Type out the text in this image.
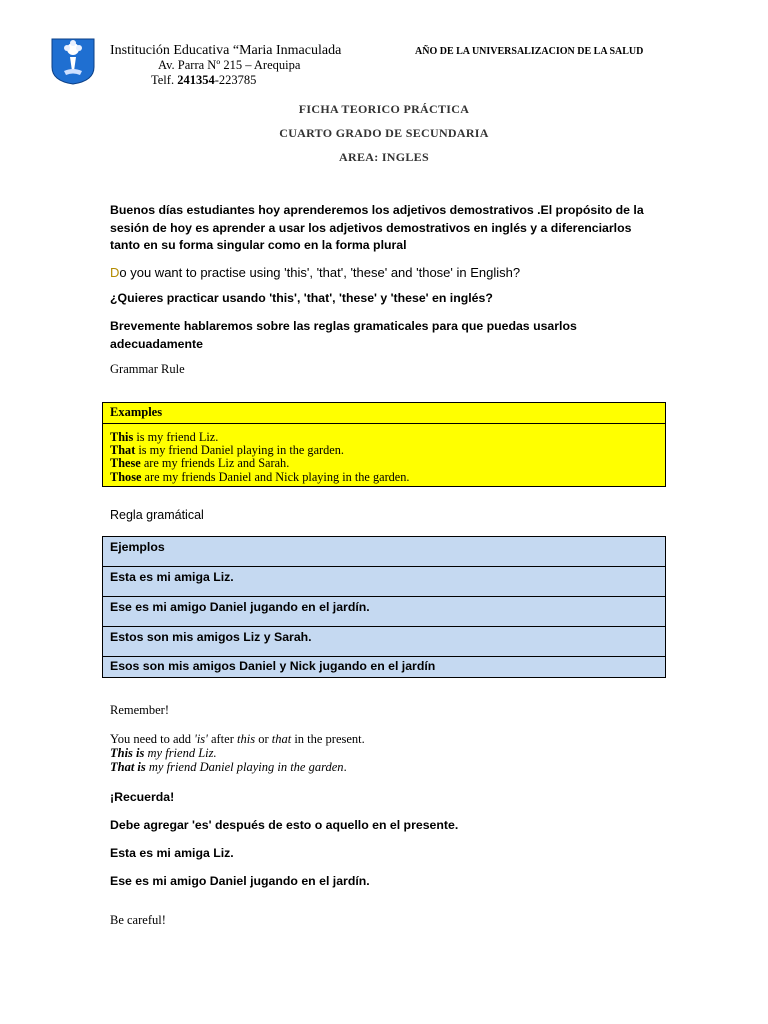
Institución Educativa “Maria Inmaculada
Av. Parra Nº 215 – Arequipa
Telf. 241354-223785
AÑO DE LA UNIVERSALIZACION DE LA SALUD
FICHA TEORICO PRÁCTICA
CUARTO GRADO DE SECUNDARIA
AREA: INGLES
Buenos días estudiantes hoy aprenderemos los adjetivos demostrativos .El propósito de la
sesión de hoy es aprender a usar los adjetivos demostrativos en inglés y a diferenciarlos
tanto en su forma singular como en la forma plural
Do you want to practise using 'this', 'that', 'these' and 'those' in English?
¿Quieres practicar usando 'this', 'that', 'these' y 'these' en inglés?
Brevemente hablaremos sobre las reglas gramaticales para que puedas usarlos
adecuadamente
Grammar Rule
Examples
This is my friend Liz.
That is my friend Daniel playing in the garden.
These are my friends Liz and Sarah.
Those are my friends Daniel and Nick playing in the garden.
Regla gramátical
Ejemplos
Esta es mi amiga Liz.
Ese es mi amigo Daniel jugando en el jardín.
Estos son mis amigos Liz y Sarah.
Esos son mis amigos Daniel y Nick jugando en el jardín
Remember!
You need to add 'is' after this or that in the present.
This is my friend Liz.
That is my friend Daniel playing in the garden.
¡Recuerda!
Debe agregar 'es' después de esto o aquello en el presente.
Esta es mi amiga Liz.
Ese es mi amigo Daniel jugando en el jardín.
Be careful!
